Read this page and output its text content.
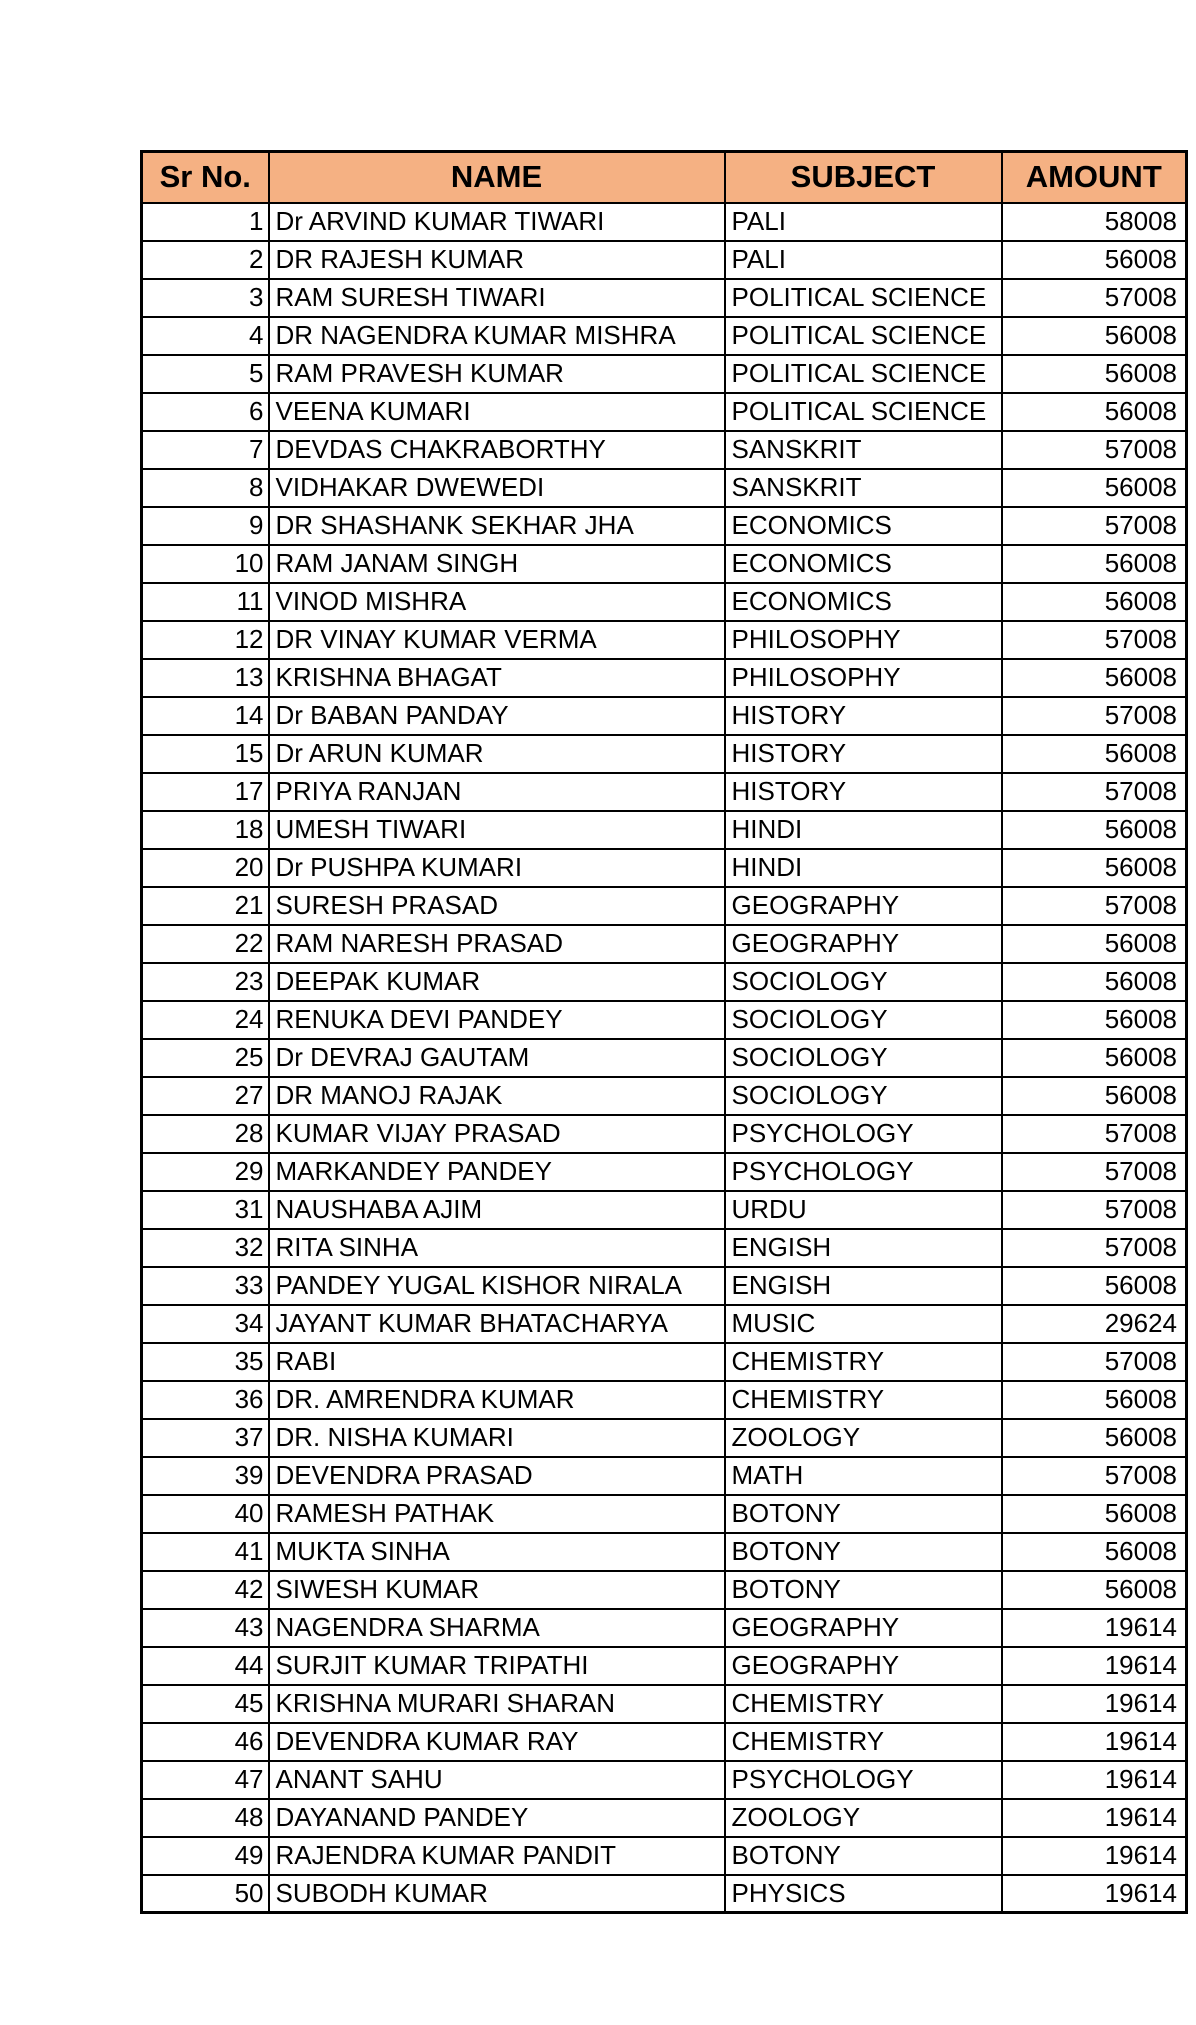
Sr No.	NAME	SUBJECT	AMOUNT
1	Dr ARVIND KUMAR TIWARI	PALI	58008
2	DR RAJESH KUMAR	PALI	56008
3	RAM SURESH TIWARI	POLITICAL SCIENCE	57008
4	DR NAGENDRA KUMAR MISHRA	POLITICAL SCIENCE	56008
5	RAM PRAVESH KUMAR	POLITICAL SCIENCE	56008
6	VEENA KUMARI	POLITICAL SCIENCE	56008
7	DEVDAS CHAKRABORTHY	SANSKRIT	57008
8	VIDHAKAR DWEWEDI	SANSKRIT	56008
9	DR SHASHANK SEKHAR JHA	ECONOMICS	57008
10	RAM JANAM SINGH	ECONOMICS	56008
11	VINOD MISHRA	ECONOMICS	56008
12	DR VINAY KUMAR VERMA	PHILOSOPHY	57008
13	KRISHNA BHAGAT	PHILOSOPHY	56008
14	Dr BABAN PANDAY	HISTORY	57008
15	Dr ARUN KUMAR	HISTORY	56008
17	PRIYA RANJAN	HISTORY	57008
18	UMESH TIWARI	HINDI	56008
20	Dr PUSHPA KUMARI	HINDI	56008
21	SURESH PRASAD	GEOGRAPHY	57008
22	RAM NARESH PRASAD	GEOGRAPHY	56008
23	DEEPAK KUMAR	SOCIOLOGY	56008
24	RENUKA DEVI PANDEY	SOCIOLOGY	56008
25	Dr DEVRAJ GAUTAM	SOCIOLOGY	56008
27	DR MANOJ RAJAK	SOCIOLOGY	56008
28	KUMAR VIJAY PRASAD	PSYCHOLOGY	57008
29	MARKANDEY PANDEY	PSYCHOLOGY	57008
31	NAUSHABA AJIM	URDU	57008
32	RITA SINHA	ENGISH	57008
33	PANDEY YUGAL KISHOR NIRALA	ENGISH	56008
34	JAYANT KUMAR BHATACHARYA	MUSIC	29624
35	RABI	CHEMISTRY	57008
36	DR. AMRENDRA KUMAR	CHEMISTRY	56008
37	DR. NISHA KUMARI	ZOOLOGY	56008
39	DEVENDRA PRASAD	MATH	57008
40	RAMESH PATHAK	BOTONY	56008
41	MUKTA SINHA	BOTONY	56008
42	SIWESH KUMAR	BOTONY	56008
43	NAGENDRA SHARMA	GEOGRAPHY	19614
44	SURJIT KUMAR TRIPATHI	GEOGRAPHY	19614
45	KRISHNA MURARI SHARAN	CHEMISTRY	19614
46	DEVENDRA KUMAR RAY	CHEMISTRY	19614
47	ANANT SAHU	PSYCHOLOGY	19614
48	DAYANAND PANDEY	ZOOLOGY	19614
49	RAJENDRA KUMAR PANDIT	BOTONY	19614
50	SUBODH KUMAR	PHYSICS	19614
